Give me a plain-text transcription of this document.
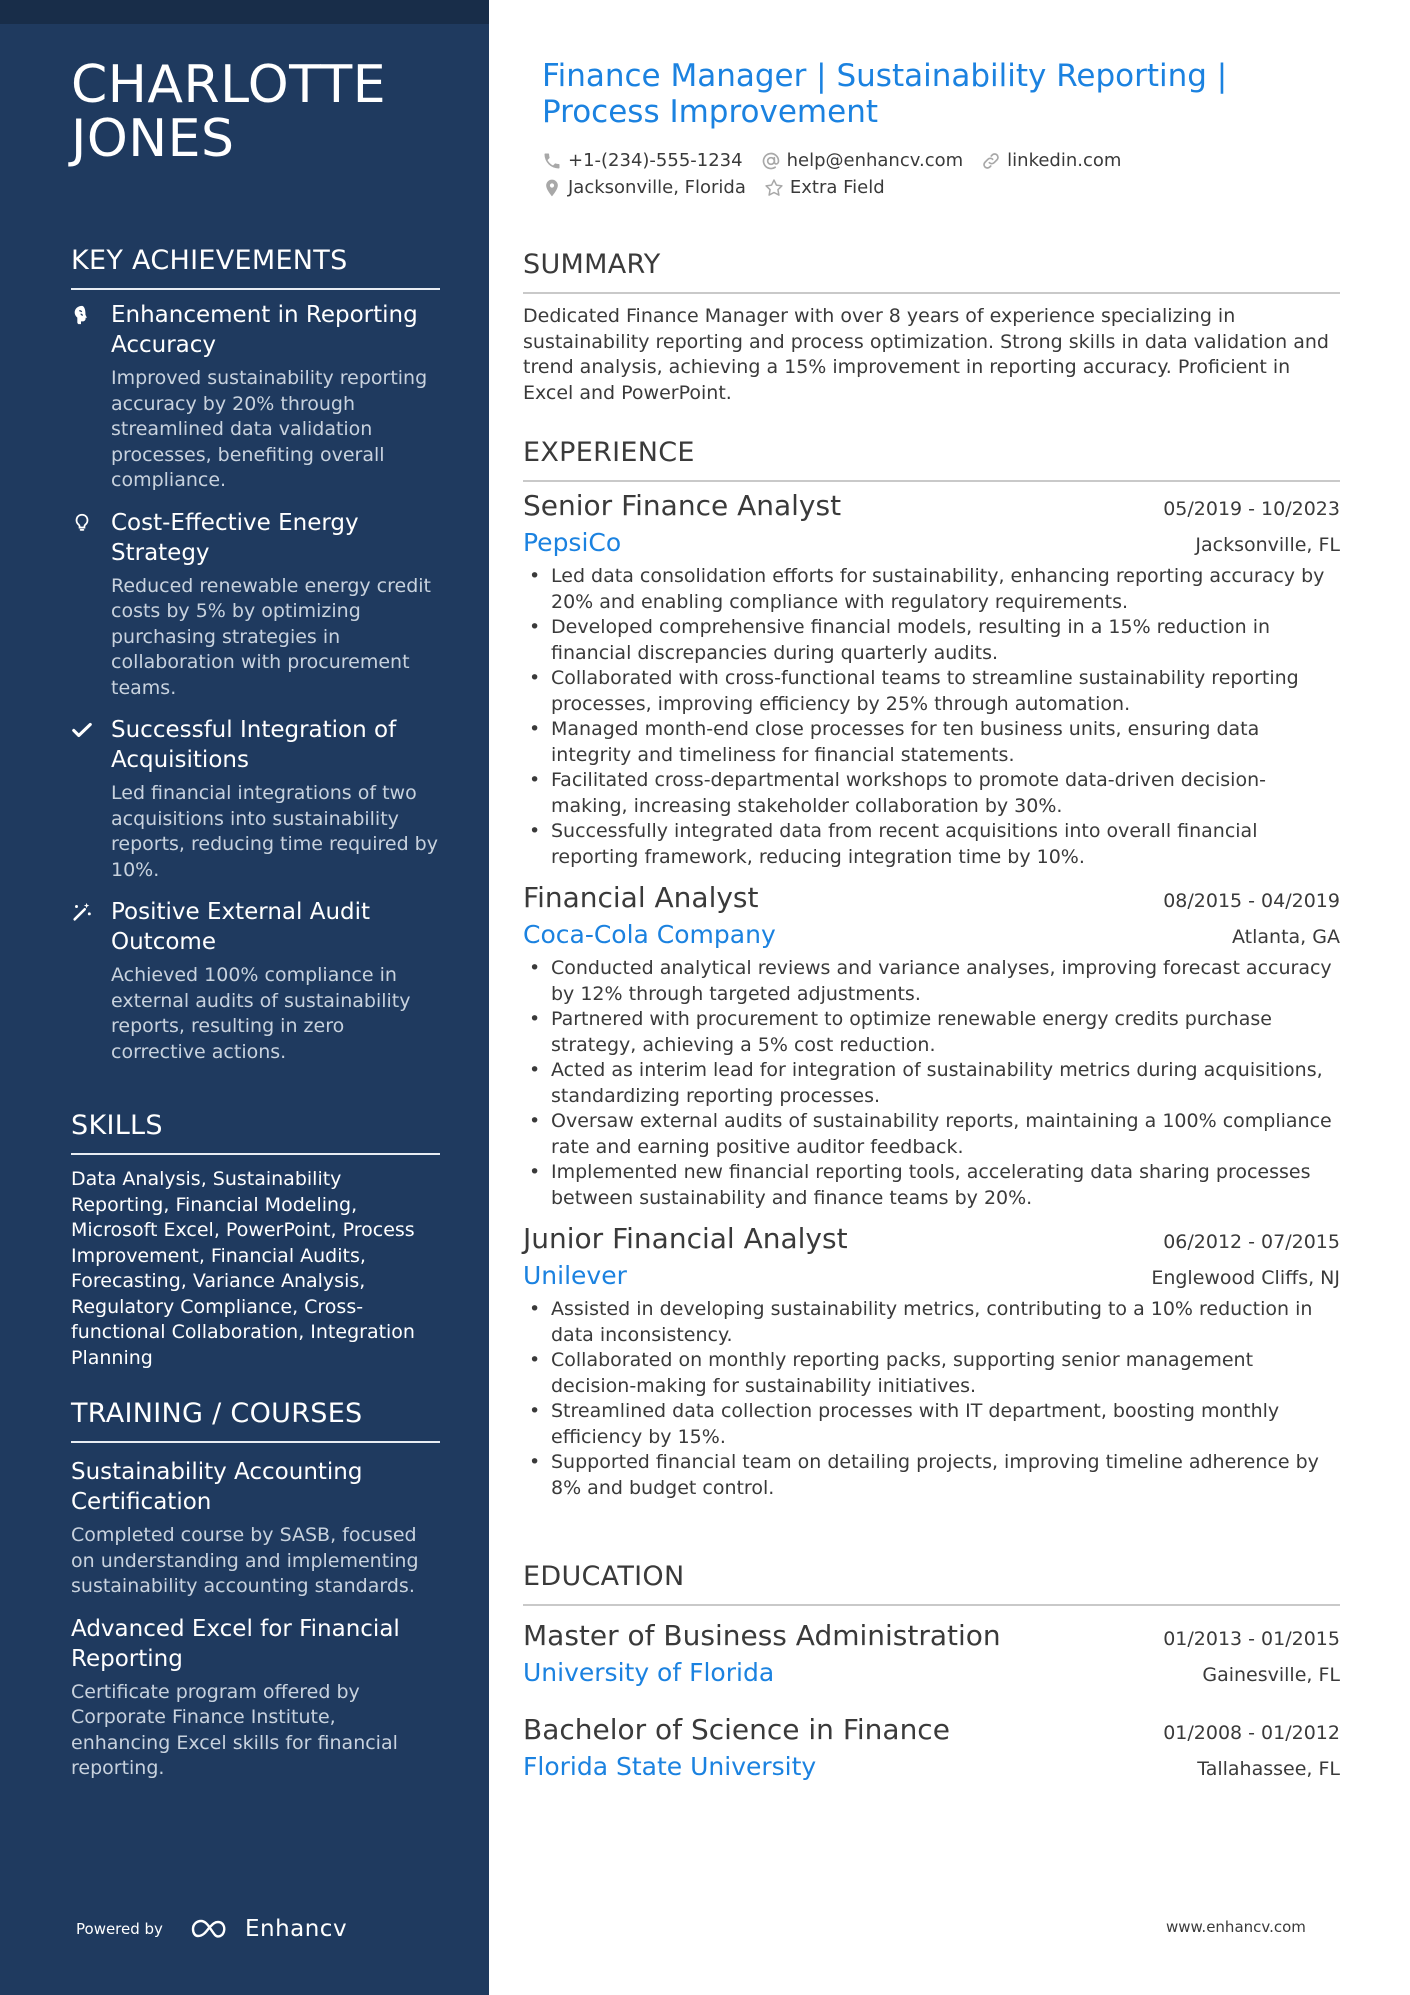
CHARLOTTE
JONES
KEY ACHIEVEMENTS
Enhancement in Reporting Accuracy
Improved sustainability reporting accuracy by 20% through streamlined data validation processes, benefiting overall compliance.
Cost-Effective Energy Strategy
Reduced renewable energy credit costs by 5% by optimizing purchasing strategies in collaboration with procurement teams.
Successful Integration of Acquisitions
Led financial integrations of two acquisitions into sustainability reports, reducing time required by 10%.
Positive External Audit Outcome
Achieved 100% compliance in external audits of sustainability reports, resulting in zero corrective actions.
SKILLS
Data Analysis, Sustainability Reporting, Financial Modeling, Microsoft Excel, PowerPoint, Process Improvement, Financial Audits, Forecasting, Variance Analysis, Regulatory Compliance, Cross-functional Collaboration, Integration Planning
TRAINING / COURSES
Sustainability Accounting Certification
Completed course by SASB, focused on understanding and implementing sustainability accounting standards.
Advanced Excel for Financial Reporting
Certificate program offered by Corporate Finance Institute, enhancing Excel skills for financial reporting.
Powered by	Enhancv
Finance Manager | Sustainability Reporting | Process Improvement
+1-(234)-555-1234 help@enhancv.com linkedin.com
Jacksonville, Florida Extra Field
SUMMARY
Dedicated Finance Manager with over 8 years of experience specializing in sustainability reporting and process optimization. Strong skills in data validation and trend analysis, achieving a 15% improvement in reporting accuracy. Proficient in Excel and PowerPoint.
EXPERIENCE
Senior Finance Analyst	05/2019 - 10/2023
PepsiCo	Jacksonville, FL
• Led data consolidation efforts for sustainability, enhancing reporting accuracy by 20% and enabling compliance with regulatory requirements.
• Developed comprehensive financial models, resulting in a 15% reduction in financial discrepancies during quarterly audits.
• Collaborated with cross-functional teams to streamline sustainability reporting processes, improving efficiency by 25% through automation.
• Managed month-end close processes for ten business units, ensuring data integrity and timeliness for financial statements.
• Facilitated cross-departmental workshops to promote data-driven decision-making, increasing stakeholder collaboration by 30%.
• Successfully integrated data from recent acquisitions into overall financial reporting framework, reducing integration time by 10%.
Financial Analyst	08/2015 - 04/2019
Coca-Cola Company	Atlanta, GA
• Conducted analytical reviews and variance analyses, improving forecast accuracy by 12% through targeted adjustments.
• Partnered with procurement to optimize renewable energy credits purchase strategy, achieving a 5% cost reduction.
• Acted as interim lead for integration of sustainability metrics during acquisitions, standardizing reporting processes.
• Oversaw external audits of sustainability reports, maintaining a 100% compliance rate and earning positive auditor feedback.
• Implemented new financial reporting tools, accelerating data sharing processes between sustainability and finance teams by 20%.
Junior Financial Analyst	06/2012 - 07/2015
Unilever	Englewood Cliffs, NJ
• Assisted in developing sustainability metrics, contributing to a 10% reduction in data inconsistency.
• Collaborated on monthly reporting packs, supporting senior management decision-making for sustainability initiatives.
• Streamlined data collection processes with IT department, boosting monthly efficiency by 15%.
• Supported financial team on detailing projects, improving timeline adherence by 8% and budget control.
EDUCATION
Master of Business Administration	01/2013 - 01/2015
University of Florida	Gainesville, FL
Bachelor of Science in Finance	01/2008 - 01/2012
Florida State University	Tallahassee, FL
www.enhancv.com
